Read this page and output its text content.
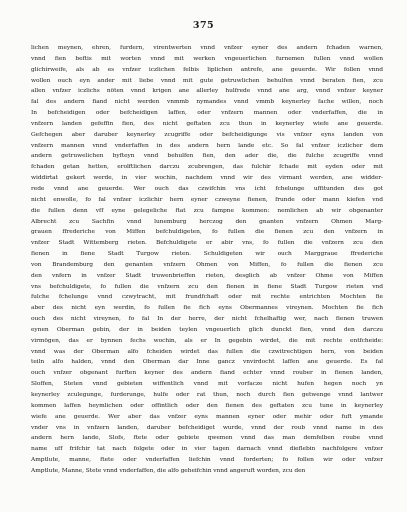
375
lichen meynen, ehren, furdern, virentwerten vnnd vnfzer eyner des andern fchaden warnen,
vnnd fien beftis mit worten vnnd mit werken vngeuerlichen furnemen fullen vnnd wollen
glichirweife, als ab es vnfzer iczlichen felbis liplichen antrefe, ane geuerde. Wir follen vnnd
wollen ouch eyn ander mit liebe vnnd mit gute getruwlichen behulfen vnnd beraten fien, zcu
allen vnfzer iczlichs nöten vnnd krigen ane allerley hulfrede vnnd ane arg, vnnd vnfzer keyner
fal des andern fiand nicht werden vnmmb nymandes vnnd vmmb keynerley fache willen, noch
In befcheidigen oder befcheidigen laffen, oder vnfzern mannen oder vnderfaffen, die in
vnfzern landen gefeffin fien, des nicht geftaten zcu thun in keynerley wiefe ane geuerde.
Gefchegen aber daruber keynerley zcugriffe oder befcheidigunge vis vnfzer eyns landen von
vnfzern mannen vnnd vnderfaffen in des andern hern lande etc. So fal vnfzer iczlicher dem
andern getruwelichen byfteyn vnnd behulfen fien, den ader die, die fulche zcugriffe vnnd
fchaden getan hetten, erolftlichen darczu zcubrengen, das fulchir fchade mit eyden oder mit
widdirtat gekert werde, in vier wochin, nachdem vnnd wir des virmant werden, ane widder-
rede vnnd ane geuerde. Wer ouch das czwifchin vns icht fchelunge uffitunden des got
nicht enwolle, fo fal vnfzer iczlichir hern eyner czweyne fienen, frunde oder mann kiefen vnd
die fullen denn vff eyne gelegeliche ftat zcu fampne kommen: nemlichen ab wir obgenanter
Albrecht zcu Sachfin vnnd lunemburg herczog den gnanten vnfzern Ohmen Marg-
grauen ffrederiche von Miffen befchuldigeten, fo fullen die fienen zcu den vnfzern in
vnfzer Stadt Wittemberg rieten. Befchuldigete er abir vns, fo fullen die vnfzern zcu den
fienen in fiene Stadt Turgow rieten. Schuldigeten wir ouch Marggraue ffrederiche
von Brandemburg den genanten vnfzern Ohmen von Miffen, fo fullen die fienen zcu
den vnfern in vnfzer Stadt truwenbrieffen rieten, desglich ab vnfzer Ohme von Miffen
vns befchuldigete, fo fullen die vnfzern zcu den fienen in fiene Stadt Turgow rieten vnd
fulche fchelunge vnnd czwytracht, mit frundfchaft oder mit rechte entrichten Mochten fie
aber des nicht eyn werdin, fo fullen fie fich eyns Obermannes vireynen. Mochten fie fich
ouch des nicht vireynen, fo fal In der herre, der nicht fchelhaftig wer, nach fienen truwen
eynen Oberman gebin, der in beiden teylen vngeuerlich glich dunckt fien, vnnd den darczu
virmögen, das er bynnen fechs wochin, als er In gegebin wirdet, die mit rechte entfcheide:
vnnd was der Oberman alfo fcheiden wirdet das fullen die czwitrechtigen hern, von beiden
teiln alfo halden, vnnd den Oberman dar Inne gancz vnvirdocht laffen ane geuerde. Es fal
ouch vnfzer obgenant furften keyner des andern fiand echter vnnd rouber in fienen landen,
Sloffen, Steten vnnd gebieten wiffentlich vnnd mit vorfacze nicht hufen hegen noch yn
keynerley zculegunge, furderunge, hulfe oder rat thun, noch durch fien getwenge vnnd lantwer
kommen laffen heymlichen oder offintlich oder den fienen des geftaten zcu tune in keynerley
wiefe ane geuerde. Wer aber das vnfzer eyns mannen eyner oder mehir oder fuft ymande
vnder vns in vnfzern landen, daruber befcheidiget wurde, vnnd der roub vnnd name in des
andern hern lande, Slofs, ftete oder gebiete qwemen vnnd das man demfelben roube vnnd
name uff frifchir tat nach folgete oder in vier tagen darnach vnnd dieflebin nachfolgere vnfzer
Amptlute, manne, ftete oder vnderfaffen liefchin vnnd forderten; fo follen wir oder vnfzer
Amptlute, Manne, Stete vnnd vnderfaffen, die alfo geheifchin vnnd angeruft worden, zcu den
